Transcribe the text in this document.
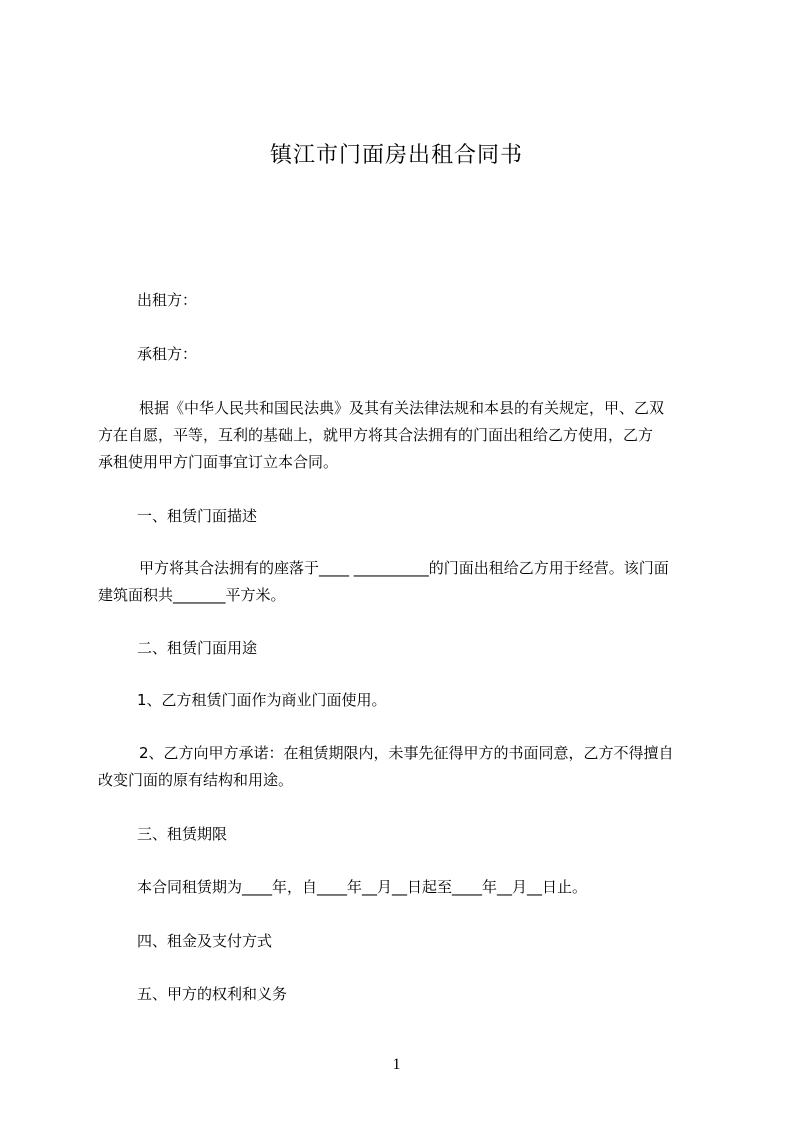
镇江市门面房出租合同书

出租方：

承租方：

根据《中华人民共和国民法典》及其有关法律法规和本县的有关规定，甲、乙双

方在自愿，平等，互利的基础上，就甲方将其合法拥有的门面出租给乙方使用，乙方

承租使用甲方门面事宜订立本合同。

一、租赁门面描述

甲方将其合法拥有的座落于____ __________的门面出租给乙方用于经营。该门面

建筑面积共_______平方米。

二、租赁门面用途

1、乙方租赁门面作为商业门面使用。

2、乙方向甲方承诺：在租赁期限内，未事先征得甲方的书面同意，乙方不得擅自

改变门面的原有结构和用途。

三、租赁期限

本合同租赁期为____年，自____年__月__日起至____年__月__日止。

四、租金及支付方式

五、甲方的权利和义务

1
